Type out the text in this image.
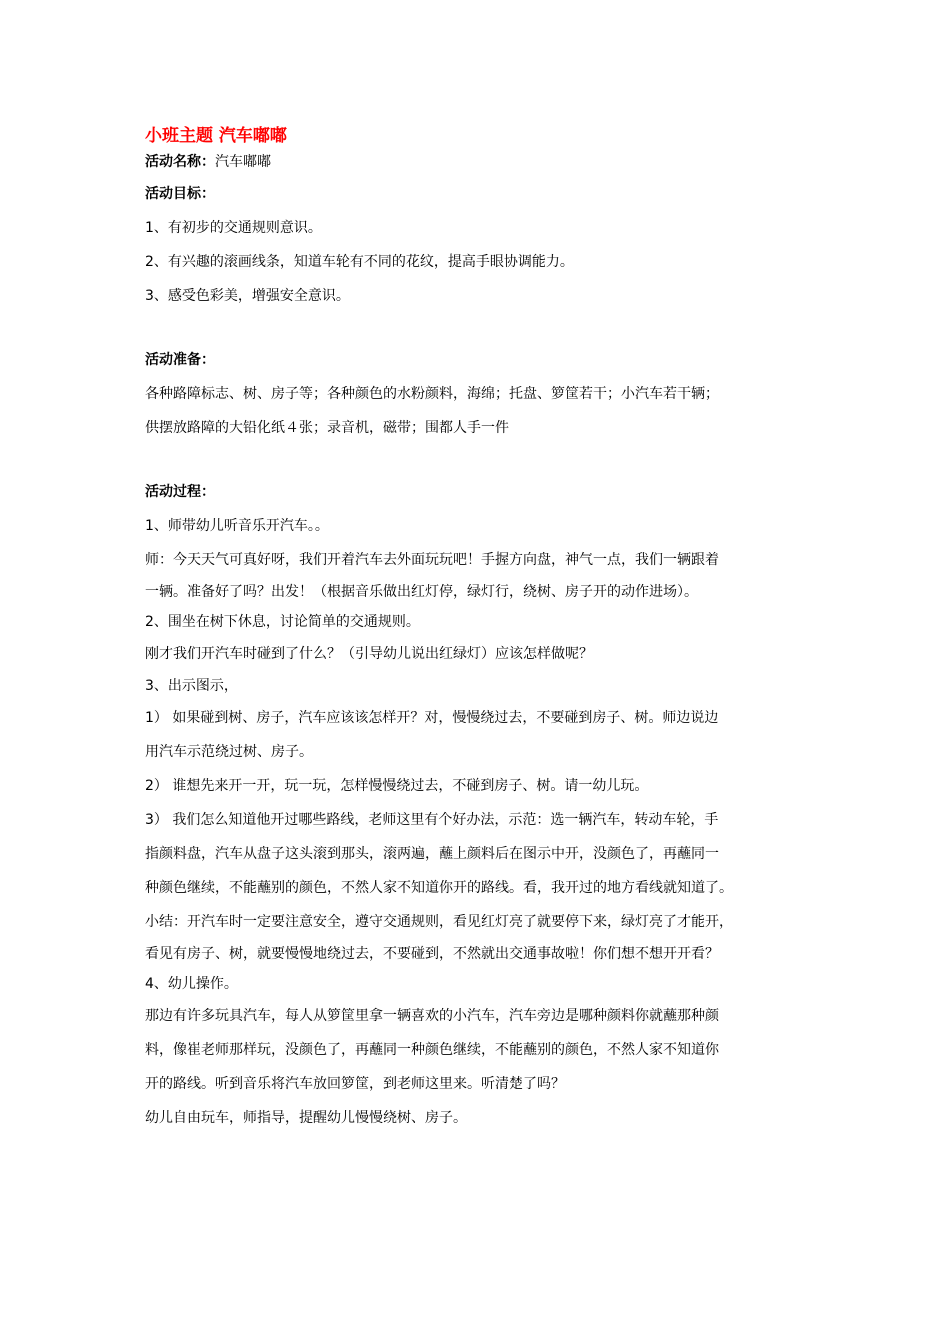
小班主题 汽车嘟嘟

活动名称：汽车嘟嘟

活动目标：

1、有初步的交通规则意识。

2、有兴趣的滚画线条，知道车轮有不同的花纹，提高手眼协调能力。

3、感受色彩美，增强安全意识。

活动准备：

各种路障标志、树、房子等；各种颜色的水粉颜料，海绵；托盘、箩筐若干；小汽车若干辆；

供摆放路障的大铅化纸４张；录音机，磁带；围都人手一件

活动过程：

1、师带幼儿听音乐开汽车。。

师：今天天气可真好呀，我们开着汽车去外面玩玩吧！手握方向盘，神气一点，我们一辆跟着

一辆。准备好了吗？出发！（根据音乐做出红灯停，绿灯行，绕树、房子开的动作进场）。

2、围坐在树下休息，讨论简单的交通规则。

刚才我们开汽车时碰到了什么？（引导幼儿说出红绿灯）应该怎样做呢？

3、出示图示，

1） 如果碰到树、房子，汽车应该该怎样开？对，慢慢绕过去，不要碰到房子、树。师边说边

用汽车示范绕过树、房子。

2） 谁想先来开一开，玩一玩，怎样慢慢绕过去，不碰到房子、树。请一幼儿玩。

3） 我们怎么知道他开过哪些路线，老师这里有个好办法，示范：选一辆汽车，转动车轮，手

指颜料盘，汽车从盘子这头滚到那头，滚两遍，蘸上颜料后在图示中开，没颜色了，再蘸同一

种颜色继续，不能蘸别的颜色，不然人家不知道你开的路线。看，我开过的地方看线就知道了。

小结：开汽车时一定要注意安全，遵守交通规则，看见红灯亮了就要停下来，绿灯亮了才能开，

看见有房子、树，就要慢慢地绕过去，不要碰到，不然就出交通事故啦！你们想不想开开看？

4、幼儿操作。

那边有许多玩具汽车，每人从箩筐里拿一辆喜欢的小汽车，汽车旁边是哪种颜料你就蘸那种颜

料，像崔老师那样玩，没颜色了，再蘸同一种颜色继续，不能蘸别的颜色，不然人家不知道你

开的路线。听到音乐将汽车放回箩筐，到老师这里来。听清楚了吗？

幼儿自由玩车，师指导，提醒幼儿慢慢绕树、房子。
